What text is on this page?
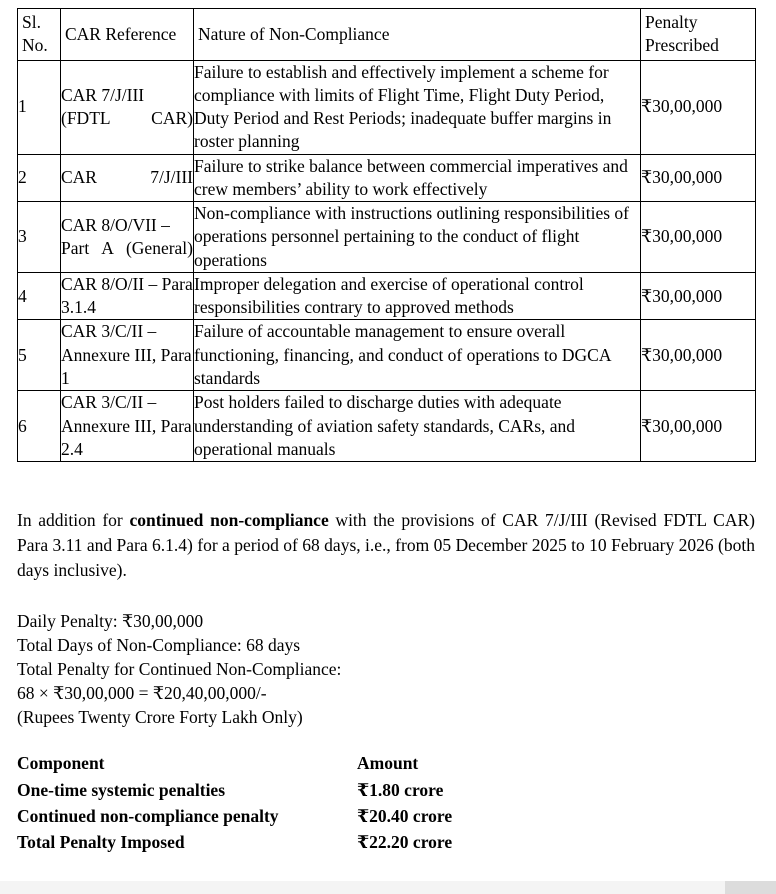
Sl. No.	CAR Reference	Nature of Non-Compliance	Penalty Prescribed

1	CAR 7/J/III (FDTL CAR)	Failure to establish and effectively implement a scheme for compliance with limits of Flight Time, Flight Duty Period, Duty Period and Rest Periods; inadequate buffer margins in roster planning	₹30,00,000
2	CAR 7/J/III	Failure to strike balance between commercial imperatives and crew members’ ability to work effectively	₹30,00,000
3	CAR 8/O/VII – Part A (General)	Non-compliance with instructions outlining responsibilities of operations personnel pertaining to the conduct of flight operations	₹30,00,000
4	CAR 8/O/II – Para 3.1.4	Improper delegation and exercise of operational control responsibilities contrary to approved methods	₹30,00,000
5	CAR 3/C/II – Annexure III, Para 1	Failure of accountable management to ensure overall functioning, financing, and conduct of operations to DGCA standards	₹30,00,000
6	CAR 3/C/II – Annexure III, Para 2.4	Post holders failed to discharge duties with adequate understanding of aviation safety standards, CARs, and operational manuals	₹30,00,000

In addition for continued non-compliance with the provisions of CAR 7/J/III (Revised FDTL CAR) Para 3.11 and Para 6.1.4) for a period of 68 days, i.e., from 05 December 2025 to 10 February 2026 (both days inclusive).

Daily Penalty: ₹30,00,000
Total Days of Non-Compliance: 68 days
Total Penalty for Continued Non-Compliance:
68 × ₹30,00,000 = ₹20,40,00,000/-
(Rupees Twenty Crore Forty Lakh Only)
Component	Amount
One-time systemic penalties	₹1.80 crore
Continued non-compliance penalty	₹20.40 crore
Total Penalty Imposed	₹22.20 crore
